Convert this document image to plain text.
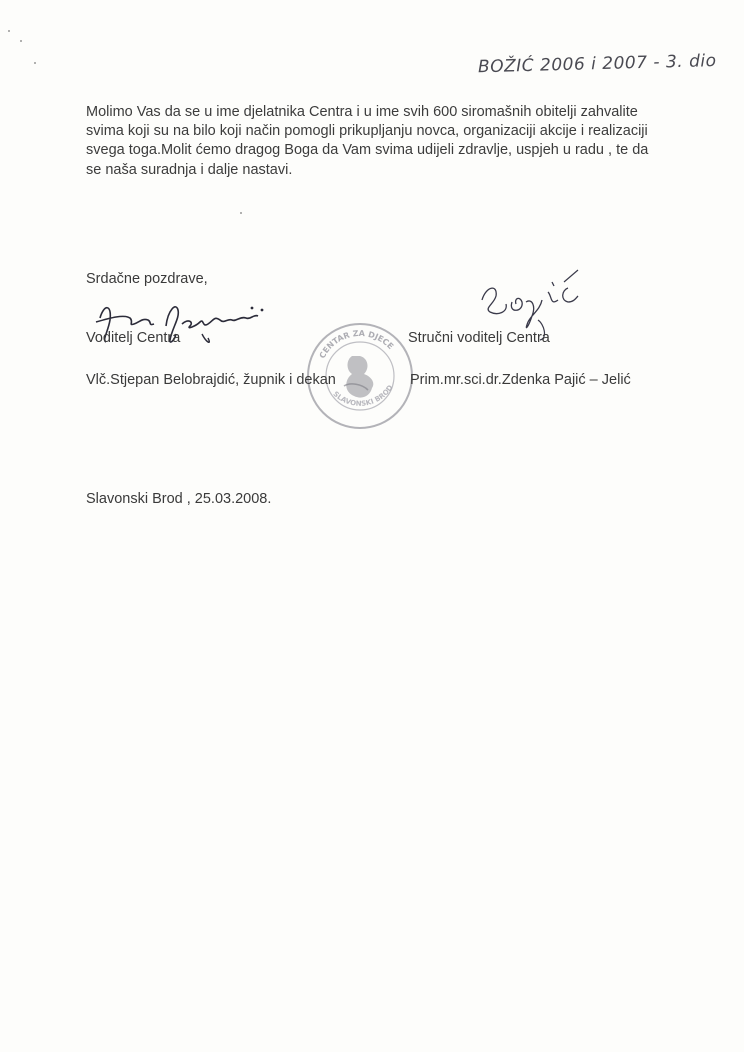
BOŽIĆ 2006 i 2007 - 3. dio

Molimo Vas da se u ime djelatnika Centra i u ime svih 600 siromašnih obitelji zahvalite
svima koji su na bilo koji način pomogli prikupljanju novca, organizaciji akcije i realizaciji
svega toga.Molit ćemo dragog Boga da Vam svima udijeli zdravlje, uspjeh u radu , te da
se naša suradnja i dalje nastavi.

Srdačne pozdrave,

CENTAR ZA DJECE
SLAVONSKI BROD
Voditelj Centra	Stručni voditelj Centra
Vlč.Stjepan Belobrajdić, župnik i dekan	Prim.mr.sci.dr.Zdenka Pajić – Jelić
Slavonski Brod , 25.03.2008.
